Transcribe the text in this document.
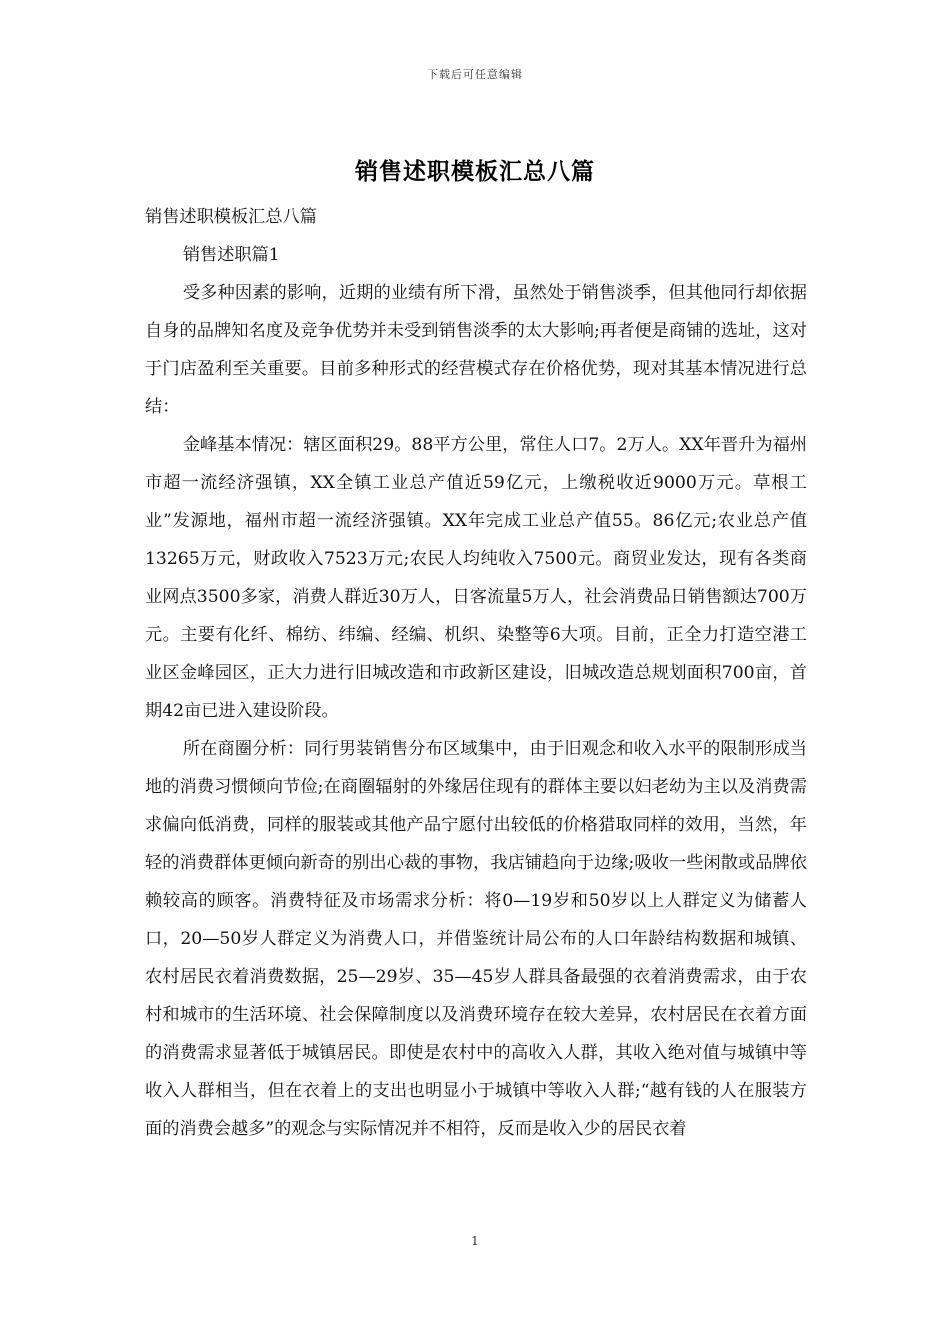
下载后可任意编辑
销售述职模板汇总八篇

销售述职模板汇总八篇

销售述职篇1

受多种因素的影响，近期的业绩有所下滑，虽然处于销售淡季，但其他同行却依据自身的品牌知名度及竞争优势并未受到销售淡季的太大影响;再者便是商铺的选址，这对于门店盈利至关重要。目前多种形式的经营模式存在价格优势，现对其基本情况进行总结：

金峰基本情况：辖区面积29。88平方公里，常住人口7。2万人。XX年晋升为福州市超一流经济强镇，XX全镇工业总产值近59亿元，上缴税收近9000万元。草根工业”发源地，福州市超一流经济强镇。XX年完成工业总产值55。86亿元;农业总产值13265万元，财政收入7523万元;农民人均纯收入7500元。商贸业发达，现有各类商业网点3500多家，消费人群近30万人，日客流量5万人，社会消费品日销售额达700万元。主要有化纤、棉纺、纬编、经编、机织、染整等6大项。目前，正全力打造空港工业区金峰园区，正大力进行旧城改造和市政新区建设，旧城改造总规划面积700亩，首期42亩已进入建设阶段。

所在商圈分析：同行男装销售分布区域集中，由于旧观念和收入水平的限制形成当地的消费习惯倾向节俭;在商圈辐射的外缘居住现有的群体主要以妇老幼为主以及消费需求偏向低消费，同样的服装或其他产品宁愿付出较低的价格猎取同样的效用，当然，年轻的消费群体更倾向新奇的别出心裁的事物，我店铺趋向于边缘;吸收一些闲散或品牌依赖较高的顾客。消费特征及市场需求分析：将0—19岁和50岁以上人群定义为储蓄人口，20—50岁人群定义为消费人口，并借鉴统计局公布的人口年龄结构数据和城镇、农村居民衣着消费数据，25—29岁、35—45岁人群具备最强的衣着消费需求，由于农村和城市的生活环境、社会保障制度以及消费环境存在较大差异，农村居民在衣着方面的消费需求显著低于城镇居民。即使是农村中的高收入人群，其收入绝对值与城镇中等收入人群相当，但在衣着上的支出也明显小于城镇中等收入人群;“越有钱的人在服装方面的消费会越多”的观念与实际情况并不相符，反而是收入少的居民衣着

1
